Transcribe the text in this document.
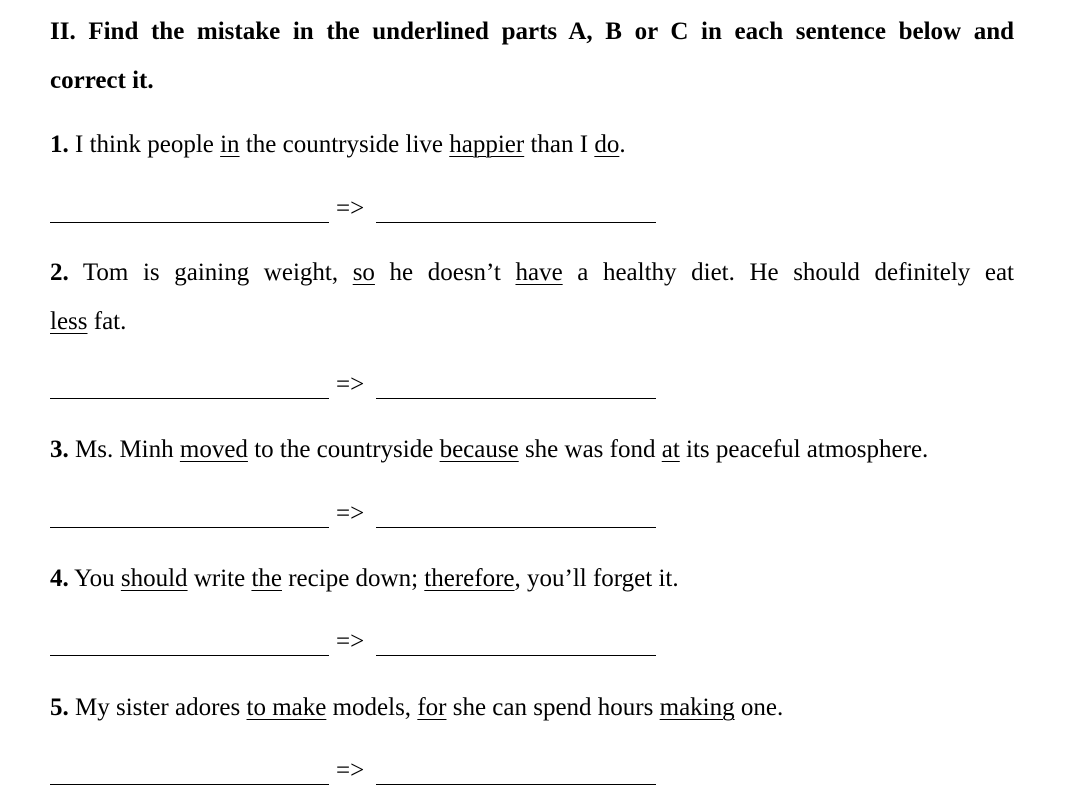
II. Find the mistake in the underlined parts A, B or C in each sentence below and
correct it.

1. I think people in the countryside live happier than I do.

=>

2. Tom is gaining weight, so he doesn’t have a healthy diet. He should definitely eat
less fat.

=>

3. Ms. Minh moved to the countryside because she was fond at its peaceful atmosphere.

=>

4. You should write the recipe down; therefore, you’ll forget it.

=>

5. My sister adores to make models, for she can spend hours making one.

=>
